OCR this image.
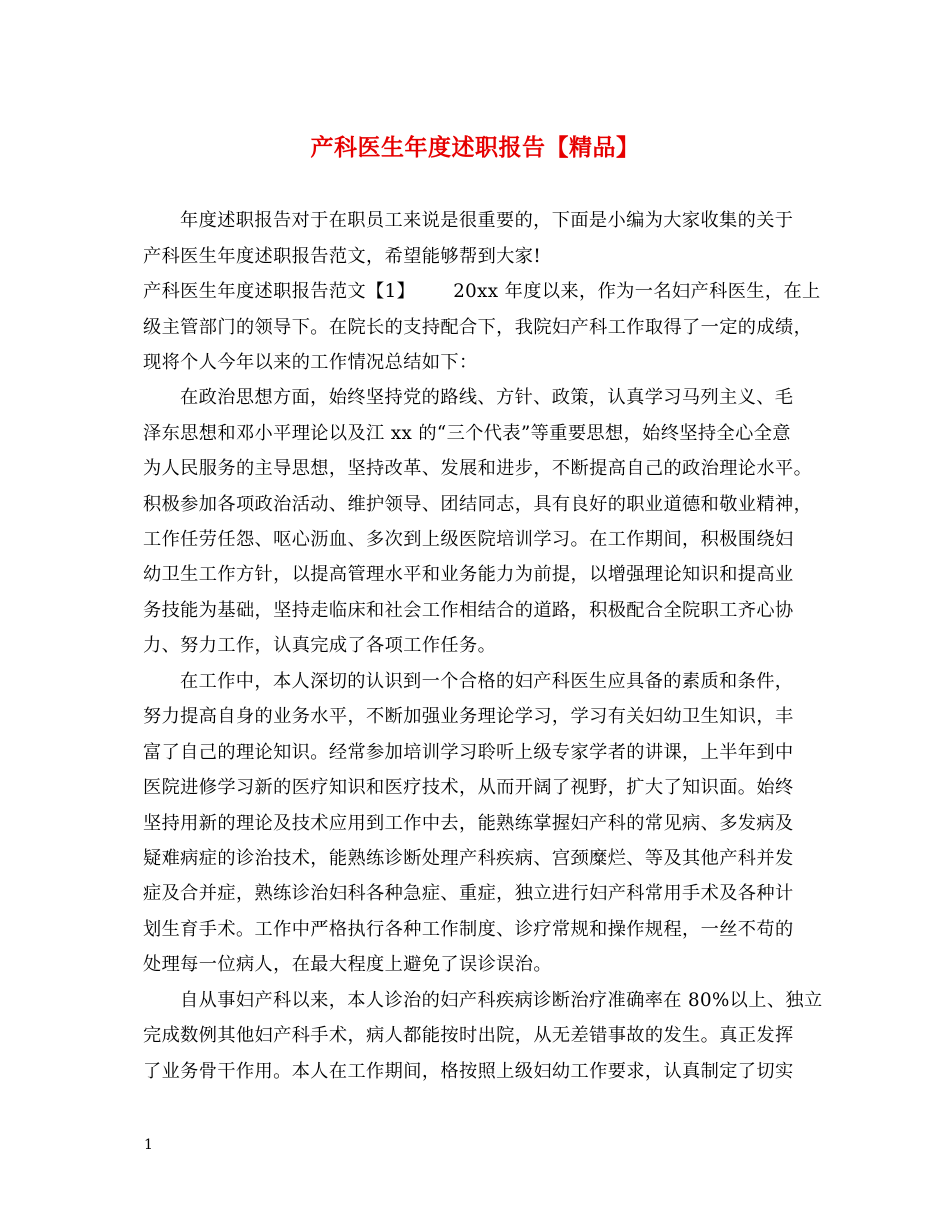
产科医生年度述职报告【精品】
年度述职报告对于在职员工来说是很重要的，下面是小编为大家收集的关于
产科医生年度述职报告范文，希望能够帮到大家!
产科医生年度述职报告范文【1】 20xx 年度以来，作为一名妇产科医生，在上
级主管部门的领导下。在院长的支持配合下，我院妇产科工作取得了一定的成绩，
现将个人今年以来的工作情况总结如下：
在政治思想方面，始终坚持党的路线、方针、政策，认真学习马列主义、毛
泽东思想和邓小平理论以及江 xx 的“三个代表”等重要思想，始终坚持全心全意
为人民服务的主导思想，坚持改革、发展和进步，不断提高自己的政治理论水平。
积极参加各项政治活动、维护领导、团结同志，具有良好的职业道德和敬业精神，
工作任劳任怨、呕心沥血、多次到上级医院培训学习。在工作期间，积极围绕妇
幼卫生工作方针，以提高管理水平和业务能力为前提，以增强理论知识和提高业
务技能为基础，坚持走临床和社会工作相结合的道路，积极配合全院职工齐心协
力、努力工作，认真完成了各项工作任务。
在工作中，本人深切的认识到一个合格的妇产科医生应具备的素质和条件，
努力提高自身的业务水平，不断加强业务理论学习，学习有关妇幼卫生知识，丰
富了自己的理论知识。经常参加培训学习聆听上级专家学者的讲课，上半年到中
医院进修学习新的医疗知识和医疗技术，从而开阔了视野，扩大了知识面。始终
坚持用新的理论及技术应用到工作中去，能熟练掌握妇产科的常见病、多发病及
疑难病症的诊治技术，能熟练诊断处理产科疾病、宫颈糜烂、等及其他产科并发
症及合并症，熟练诊治妇科各种急症、重症，独立进行妇产科常用手术及各种计
划生育手术。工作中严格执行各种工作制度、诊疗常规和操作规程，一丝不苟的
处理每一位病人，在最大程度上避免了误诊误治。
自从事妇产科以来，本人诊治的妇产科疾病诊断治疗准确率在 80%以上、独立
完成数例其他妇产科手术，病人都能按时出院，从无差错事故的发生。真正发挥
了业务骨干作用。本人在工作期间，格按照上级妇幼工作要求，认真制定了切实
1
